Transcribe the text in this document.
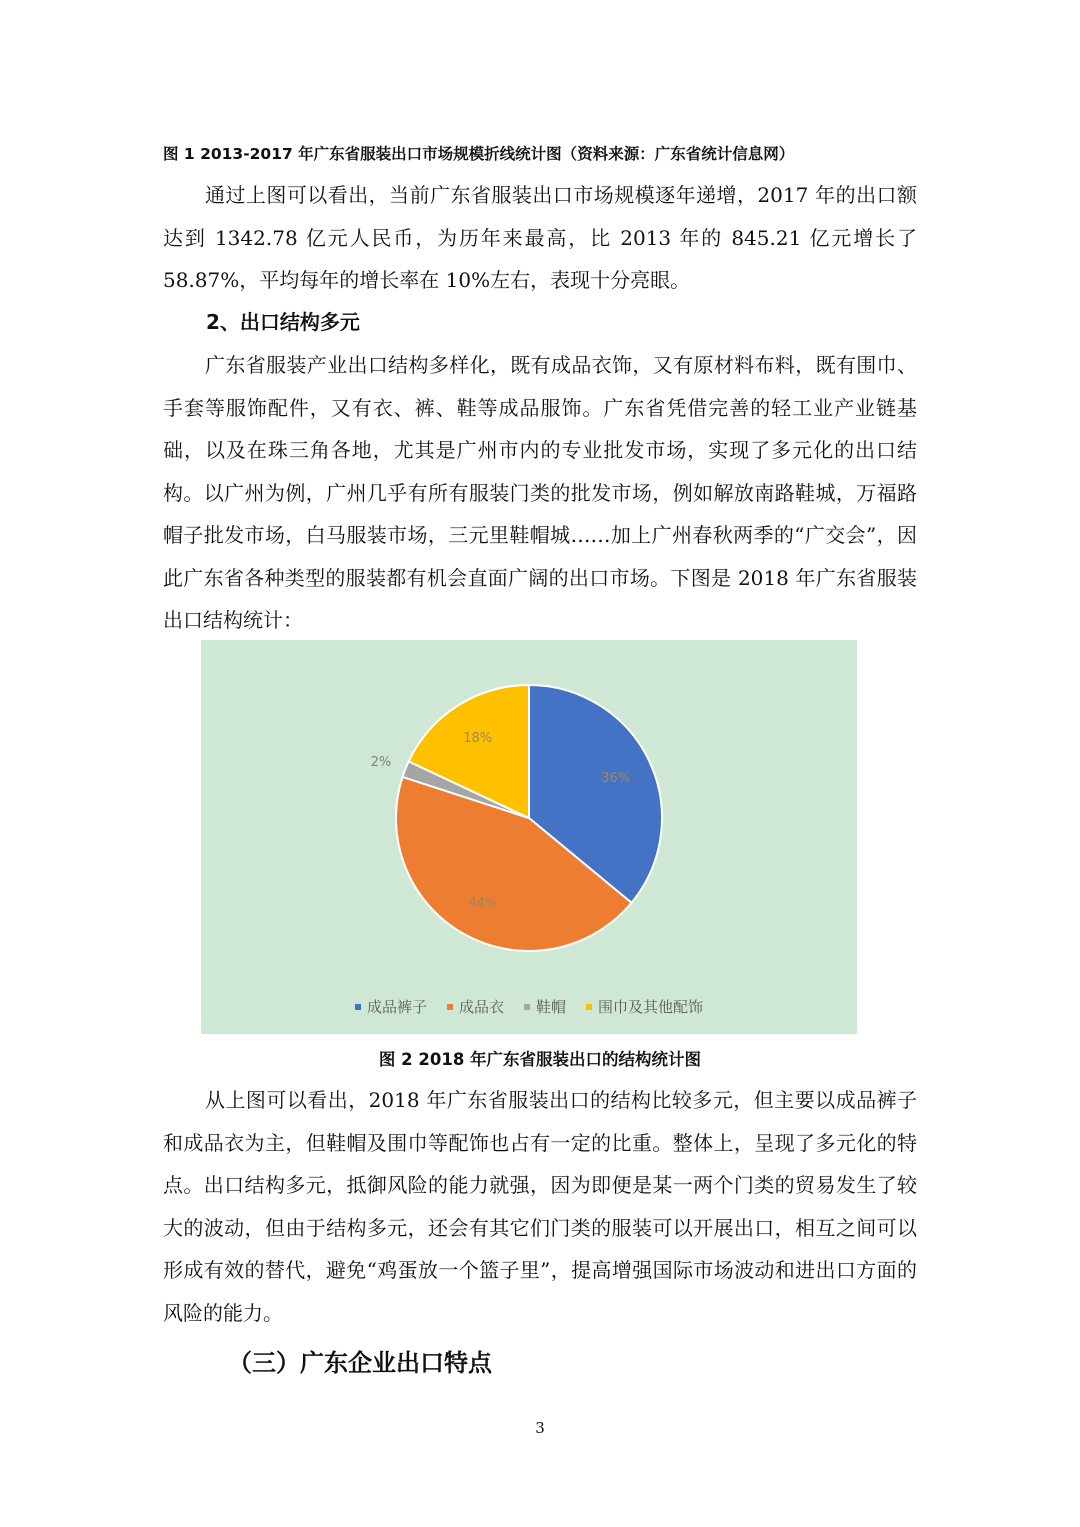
图 1 2013-2017 年广东省服装出口市场规模折线统计图（资料来源：广东省统计信息网）

通过上图可以看出，当前广东省服装出口市场规模逐年递增，2017 年的出口额达到 1342.78 亿元人民币，为历年来最高，比 2013 年的 845.21 亿元增长了 58.87%，平均每年的增长率在 10%左右，表现十分亮眼。

2、出口结构多元

广东省服装产业出口结构多样化，既有成品衣饰，又有原材料布料，既有围巾、手套等服饰配件，又有衣、裤、鞋等成品服饰。广东省凭借完善的轻工业产业链基础，以及在珠三角各地，尤其是广州市内的专业批发市场，实现了多元化的出口结构。以广州为例，广州几乎有所有服装门类的批发市场，例如解放南路鞋城，万福路帽子批发市场，白马服装市场，三元里鞋帽城……加上广州春秋两季的“广交会”，因此广东省各种类型的服装都有机会直面广阔的出口市场。下图是 2018 年广东省服装出口结构统计：

36%
44%
2%
18%
成品裤子 成品衣 鞋帽 围巾及其他配饰
图 2 2018 年广东省服装出口的结构统计图

从上图可以看出，2018 年广东省服装出口的结构比较多元，但主要以成品裤子和成品衣为主，但鞋帽及围巾等配饰也占有一定的比重。整体上，呈现了多元化的特点。出口结构多元，抵御风险的能力就强，因为即便是某一两个门类的贸易发生了较大的波动，但由于结构多元，还会有其它们门类的服装可以开展出口，相互之间可以形成有效的替代，避免“鸡蛋放一个篮子里”，提高增强国际市场波动和进出口方面的风险的能力。

（三）广东企业出口特点
3
